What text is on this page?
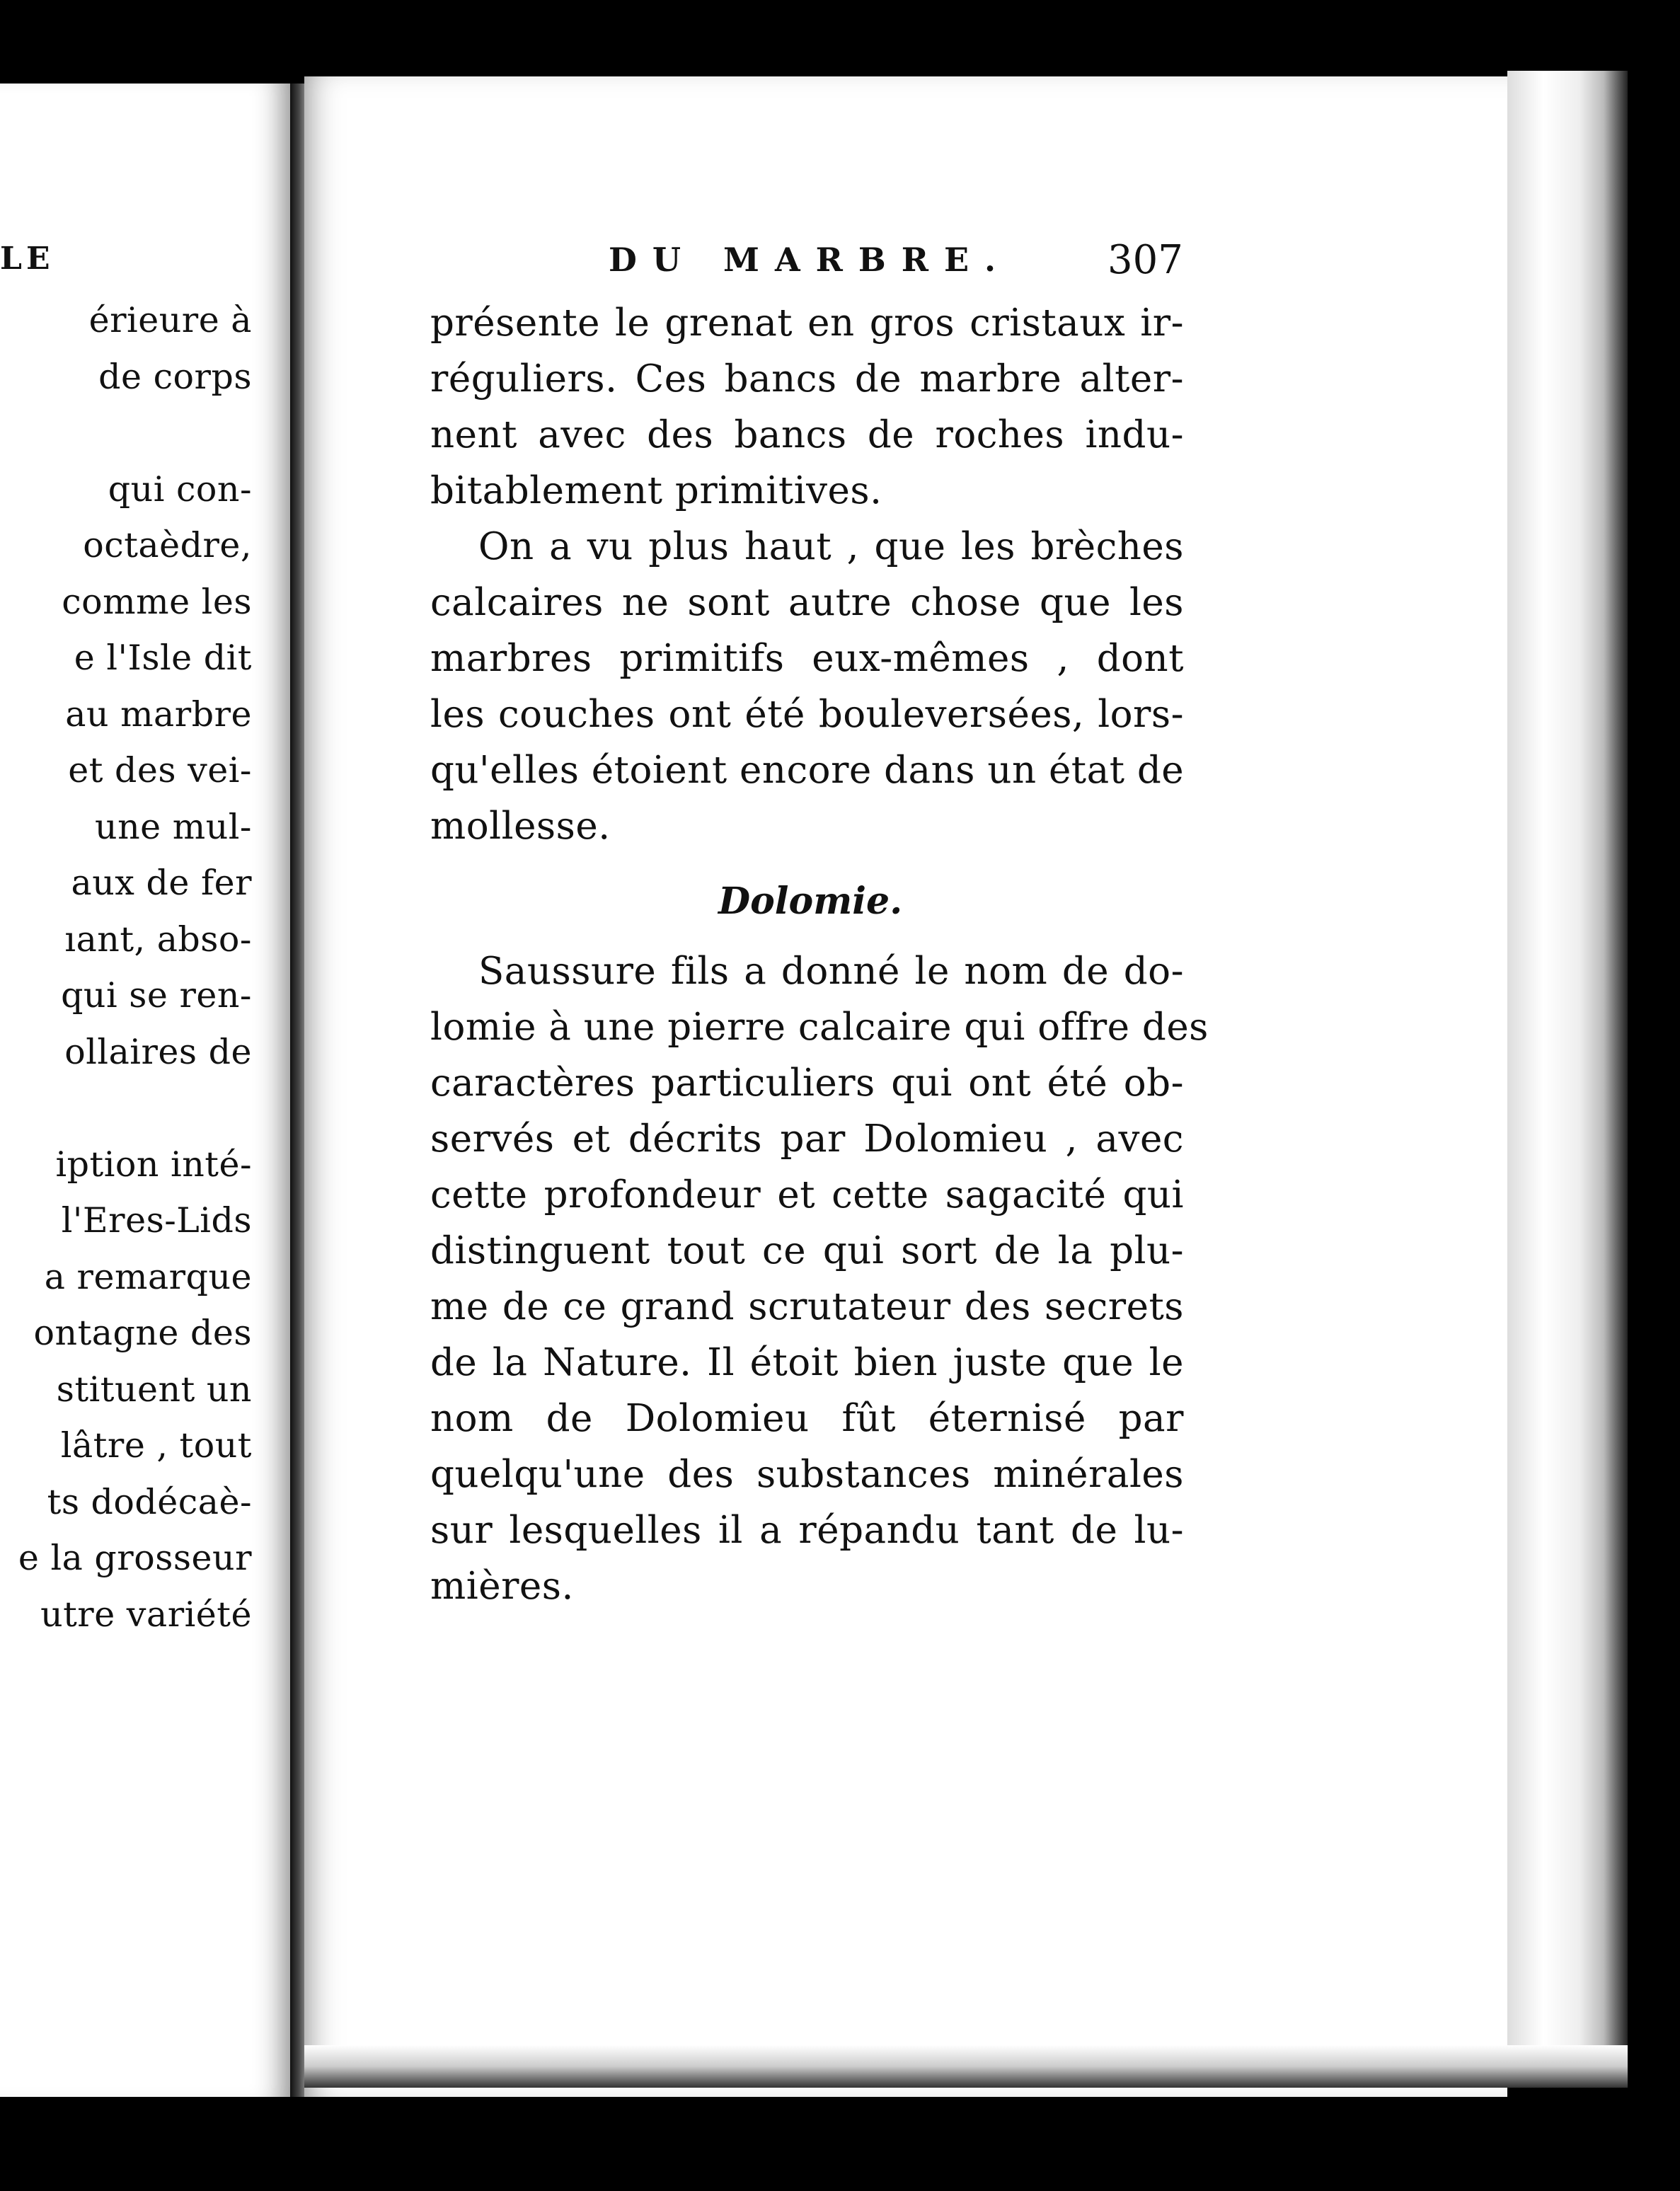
LE
érieure à
de corps
qui con-
octaèdre,
comme les
e l'Isle dit
au marbre
et des vei-
une mul-
aux de fer
ıant, abso-
qui se ren-
ollaires de
iption inté-
l'Eres-Lids
a remarque
ontagne des
stituent un
lâtre , tout
ts dodécaè-
e la grosseur
utre variété
DU MARBRE. 307
présente le grenat en gros cristaux ir-
réguliers. Ces bancs de marbre alter-
nent avec des bancs de roches indu-
bitablement primitives.
On a vu plus haut , que les brèches
calcaires ne sont autre chose que les
marbres primitifs eux-mêmes , dont
les couches ont été bouleversées, lors-
qu'elles étoient encore dans un état de
mollesse.
Saussure fils a donné le nom de do-
lomie à une pierre calcaire qui offre des
caractères particuliers qui ont été ob-
servés et décrits par Dolomieu , avec
cette profondeur et cette sagacité qui
distinguent tout ce qui sort de la plu-
me de ce grand scrutateur des secrets
de la Nature. Il étoit bien juste que le
nom de Dolomieu fût éternisé par
quelqu'une des substances minérales
sur lesquelles il a répandu tant de lu-
mières.
Dolomie.
